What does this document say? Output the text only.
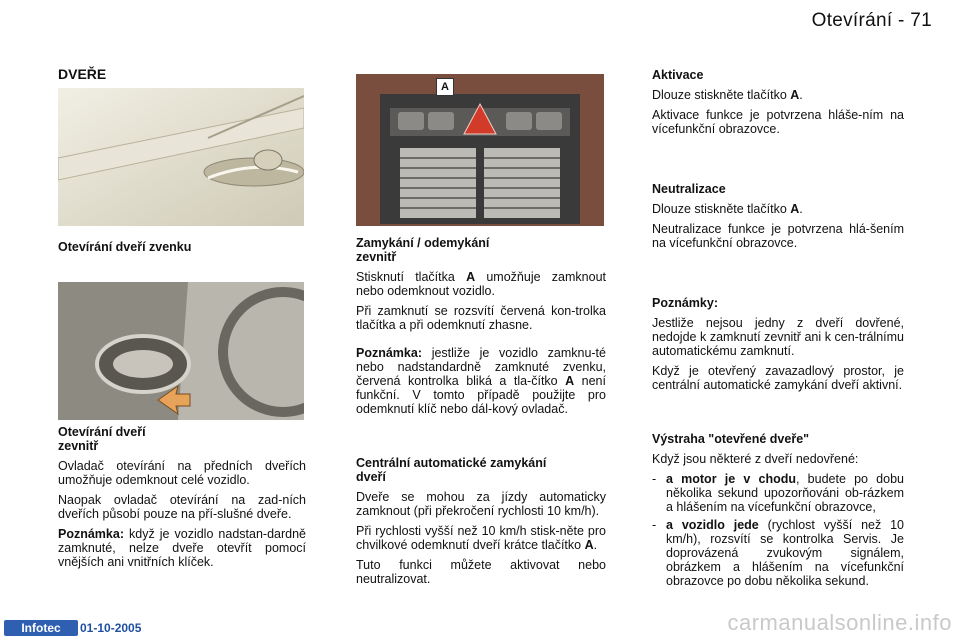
Otevírání - 71
DVEŘE
Otevírání dveří zvenku
Otevírání dveří
zevnitř

Ovladač otevírání na předních dveřích umožňuje odemknout celé vozidlo.

Naopak ovladač otevírání na zad-ních dveřích působí pouze na pří-slušné dveře.

Poznámka: když je vozidlo nadstan-dardně zamknuté, nelze dveře otevřít pomocí vnějších ani vnitřních klíček.

A
Zamykání / odemykání
zevnitř

Stisknutí tlačítka A umožňuje zamknout nebo odemknout vozidlo.

Při zamknutí se rozsvítí červená kon-trolka tlačítka a při odemknutí zhasne.

Poznámka: jestliže je vozidlo zamknu-té nebo nadstandardně zamknuté zvenku, červená kontrolka bliká a tla-čítko A není funkční. V tomto případě použijte pro odemknutí klíč nebo dál-kový ovladač.

Centrální automatické zamykání
dveří

Dveře se mohou za jízdy automaticky zamknout (při překročení rychlosti 10 km/h).

Při rychlosti vyšší než 10 km/h stisk-něte pro chvilkové odemknutí dveří krátce tlačítko A.

Tuto funkci můžete aktivovat nebo neutralizovat.

Aktivace

Dlouze stiskněte tlačítko A.

Aktivace funkce je potvrzena hláše-ním na vícefunkční obrazovce.

Neutralizace

Dlouze stiskněte tlačítko A.

Neutralizace funkce je potvrzena hlá-šením na vícefunkční obrazovce.

Poznámky:

Jestliže nejsou jedny z dveří dovřené, nedojde k zamknutí zevnitř ani k cen-trálnímu automatickému zamknutí.

Když je otevřený zavazadlový prostor, je centrální automatické zamykání dveří aktivní.

Výstraha "otevřené dveře"

Když jsou některé z dveří nedovřené:

- a motor je v chodu, budete po dobu několika sekund upozorňováni ob-rázkem a hlášením na vícefunkční obrazovce,
- a vozidlo jede (rychlost vyšší než 10 km/h), rozsvítí se kontrolka Servis. Je doprovázená zvukovým signálem, obrázkem a hlášením na vícefunkční obrazovce po dobu několika sekund.
Infotec	01-10-2005	carmanualsonline.info
